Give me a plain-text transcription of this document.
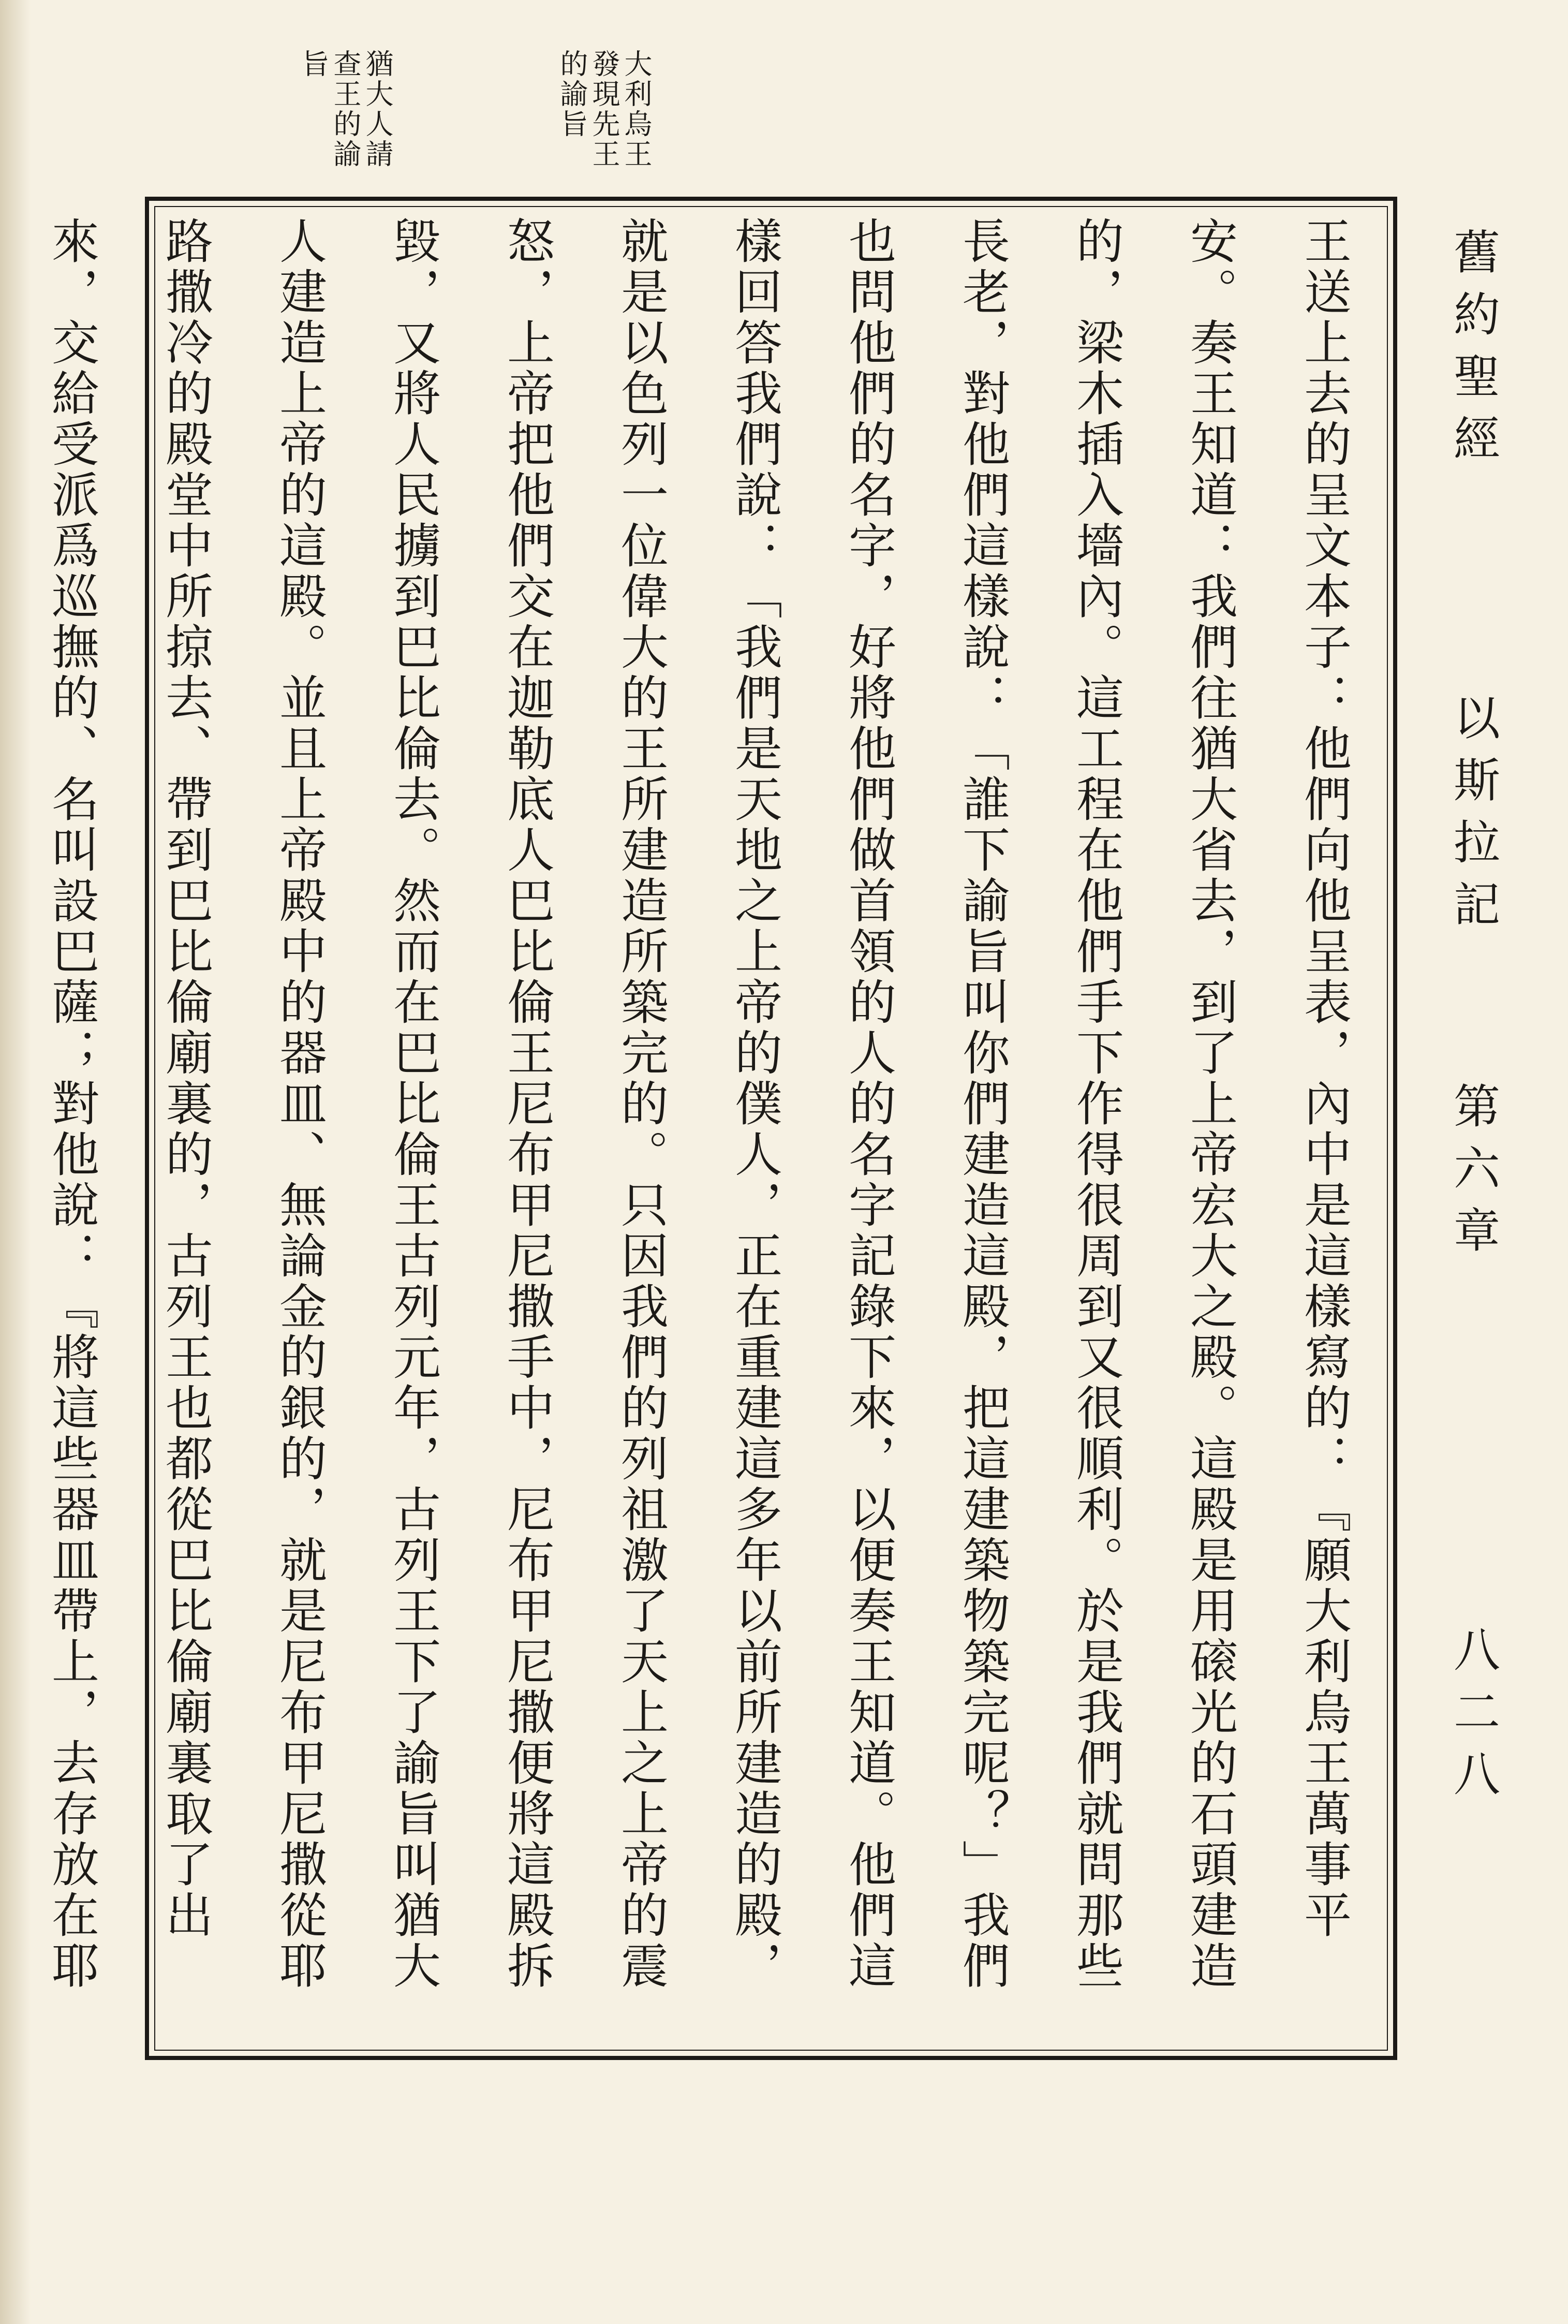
大利烏王發現先王的諭旨
猶大人請查王的諭旨

王送上去的呈文本子：他們向他呈表，內中是這樣寫的：『願大利烏王萬事平安。奏王知道：我們往猶大省去，到了上帝宏大之殿。這殿是用磙光的石頭建造的，梁木插入墻內。這工程在他們手下作得很周到又很順利。於是我們就問那些長老，對他們這樣說：「誰下諭旨叫你們建造這殿，把這建築物築完呢？」我們也問他們的名字，好將他們做首領的人的名字記錄下來，以便奏王知道。他們這樣回答我們說：「我們是天地之上帝的僕人，正在重建這多年以前所建造的殿，就是以色列一位偉大的王所建造所築完的。只因我們的列祖激了天上之上帝的震怒，上帝把他們交在迦勒底人巴比倫王尼布甲尼撒手中，尼布甲尼撒便將這殿拆毀，又將人民擄到巴比倫去。然而在巴比倫王古列元年，古列王下了諭旨叫猶大人建造上帝的這殿。並且上帝殿中的器皿、無論金的銀的，就是尼布甲尼撒從耶路撒冷的殿堂中所掠去、帶到巴比倫廟裏的，古列王也都從巴比倫廟裏取了出來，交給受派爲巡撫的、名叫設巴薩；對他說：『將這些器皿帶上，去存放在耶

舊約聖經
以斯拉記
第六章
八二八
